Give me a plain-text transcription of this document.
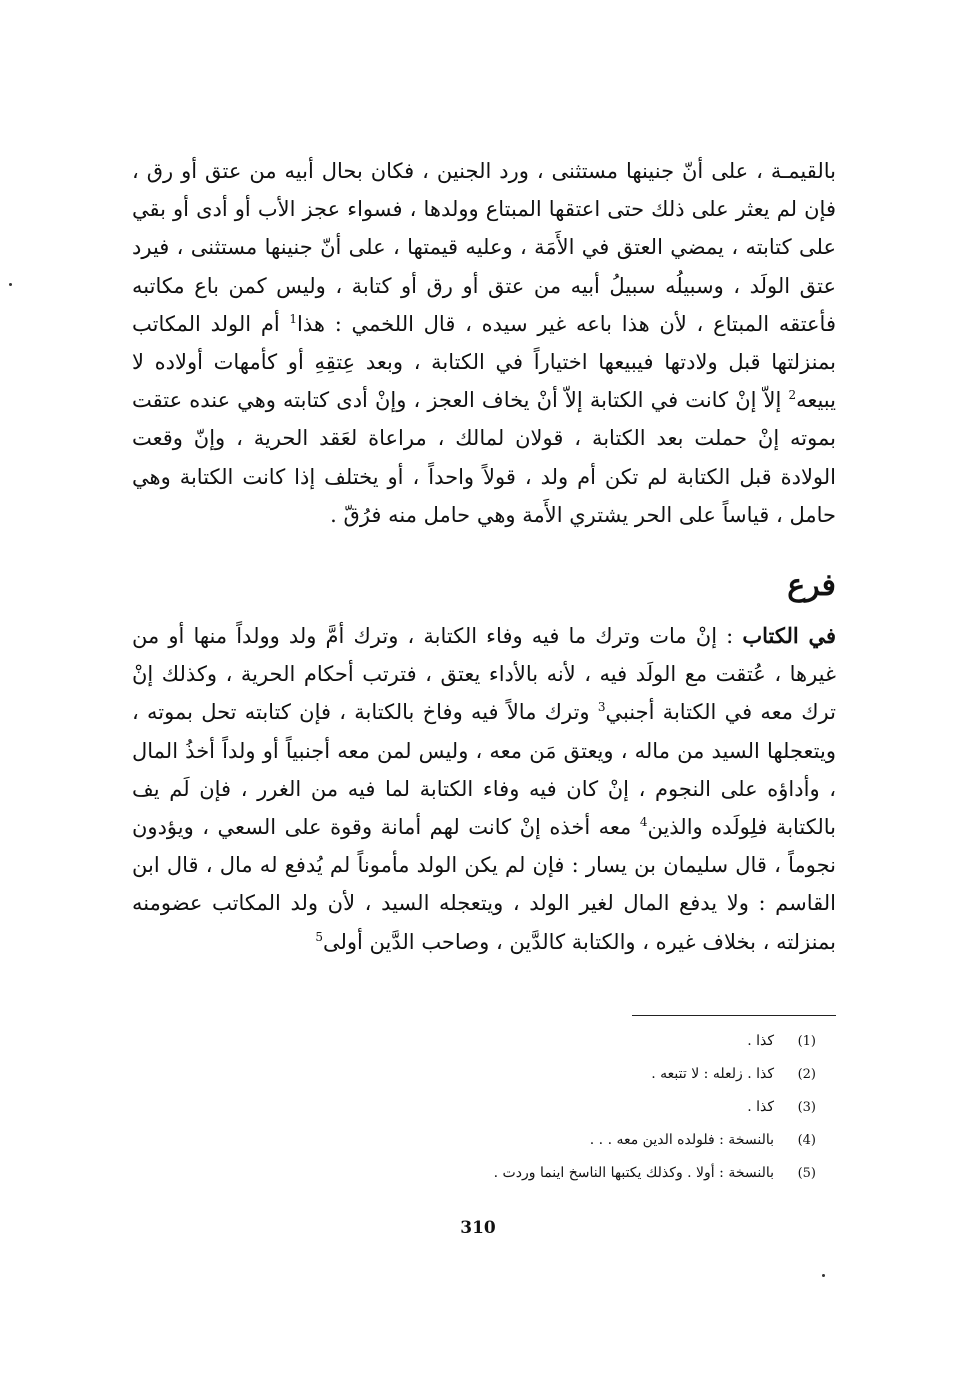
بالقيمـة ، على أنّ جنينها مستثنى ، ورد الجنين ، فكان بحال أبيه من عتق أو رق ، فإن لم يعثر على ذلك حتى اعتقها المبتاع وولدها ، فسواء عجز الأب أو أدى أو بقي على كتابته ، يمضي العتق في الأَمَة ، وعليه قيمتها ، على أنّ جنينها مستثنى ، فيرد عتق الولَد ، وسبيلُه سبيلُ أبيه من عتق أو رق أو كتابة ، وليس كمن باع مكاتبه فأعتقه المبتاع ، لأن هذا باعه غير سيده ، قال اللخمي : هذا$^1$ أم الولد المكاتب بمنزلتها قبل ولادتها فيبيعها اختياراً في الكتابة ، وبعد عِتقِهِ أو كأمهات أولاده لا يبيعه$^2$ إلاّ إنْ كانت في الكتابة إلاّ أنْ يخاف العجز ، وإنْ أدى كتابته وهي عنده عتقت بموته إنْ حملت بعد الكتابة ، قولان لمالك ، مراعاة لعَقد الحرية ، وإنّ وقعت الولادة قبل الكتابة لم تكن أم ولد ، قولاً واحداً ، أو يختلف إذا كانت الكتابة وهي حامل ، قياساً على الحر يشتري الأَمة وهي حامل منه فرُقّ .

فرع

في الكتاب : إنْ مات وترك ما فيه وفاء الكتابة ، وترك أمَّ ولد وولداً منها أو من غيرها ، عُتقت مع الولَد فيه ، لأنه بالأداء يعتق ، فترتب أحكام الحرية ، وكذلك إنْ ترك معه في الكتابة أجنبي$^3$ وترك مالاً فيه وفاخ بالكتابة ، فإن كتابته تحل بموته ، ويتعجلها السيد من ماله ، ويعتق مَن معه ، وليس لمن معه أجنبياً أو ولداً أخذُ المال ، وأداؤه على النجوم ، إنْ كان فيه وفاء الكتابة لما فيه من الغرر ، فإن لَم يف بالكتابة فلِولَده والذين$^4$ معه أخذه إنْ كانت لهم أمانة وقوة على السعي ، ويؤدون نجوماً ، قال سليمان بن يسار : فإن لم يكن الولد مأموناً لم يُدفع له مال ، قال ابن القاسم : ولا يدفع المال لغير الولد ، ويتعجله السيد ، لأن ولد المكاتب عضومنه بمنزلته ، بخلاف غيره ، والكتابة كالدَّين ، وصاحب الدَّين أولى$^5$

(1)
كذا .
(2)
كذا . زلعله : لا تتبعه .
(3)
كذا .
(4)
بالنسخة : فلولده الدين معه . . .
(5)
بالنسخة : أولا . وكذلك يكتبها الناسخ اينما وردت .

310
